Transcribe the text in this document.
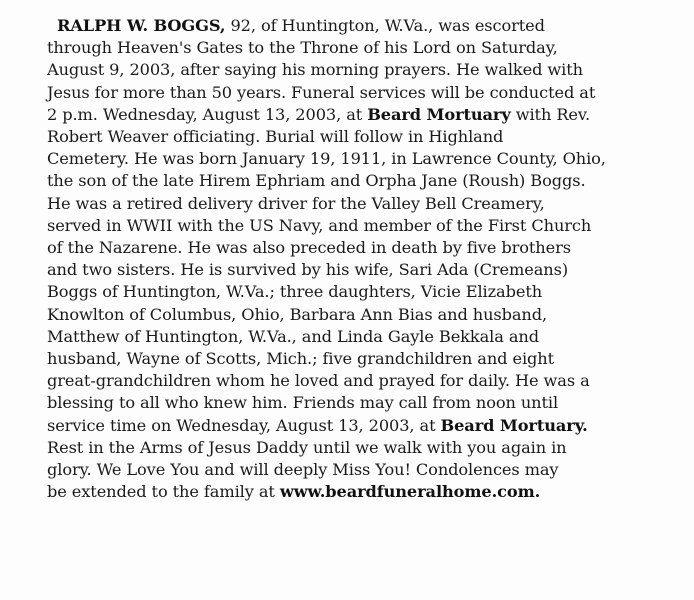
RALPH W. BOGGS, 92, of Huntington, W.Va., was escorted
through Heaven's Gates to the Throne of his Lord on Saturday,
August 9, 2003, after saying his morning prayers. He walked with
Jesus for more than 50 years. Funeral services will be conducted at
2 p.m. Wednesday, August 13, 2003, at Beard Mortuary with Rev.
Robert Weaver officiating. Burial will follow in Highland
Cemetery. He was born January 19, 1911, in Lawrence County, Ohio,
the son of the late Hirem Ephriam and Orpha Jane (Roush) Boggs.
He was a retired delivery driver for the Valley Bell Creamery,
served in WWII with the US Navy, and member of the First Church
of the Nazarene. He was also preceded in death by five brothers
and two sisters. He is survived by his wife, Sari Ada (Cremeans)
Boggs of Huntington, W.Va.; three daughters, Vicie Elizabeth
Knowlton of Columbus, Ohio, Barbara Ann Bias and husband,
Matthew of Huntington, W.Va., and Linda Gayle Bekkala and
husband, Wayne of Scotts, Mich.; five grandchildren and eight
great-grandchildren whom he loved and prayed for daily. He was a
blessing to all who knew him. Friends may call from noon until
service time on Wednesday, August 13, 2003, at Beard Mortuary.
Rest in the Arms of Jesus Daddy until we walk with you again in
glory. We Love You and will deeply Miss You! Condolences may
be extended to the family at www.beardfuneralhome.com.
